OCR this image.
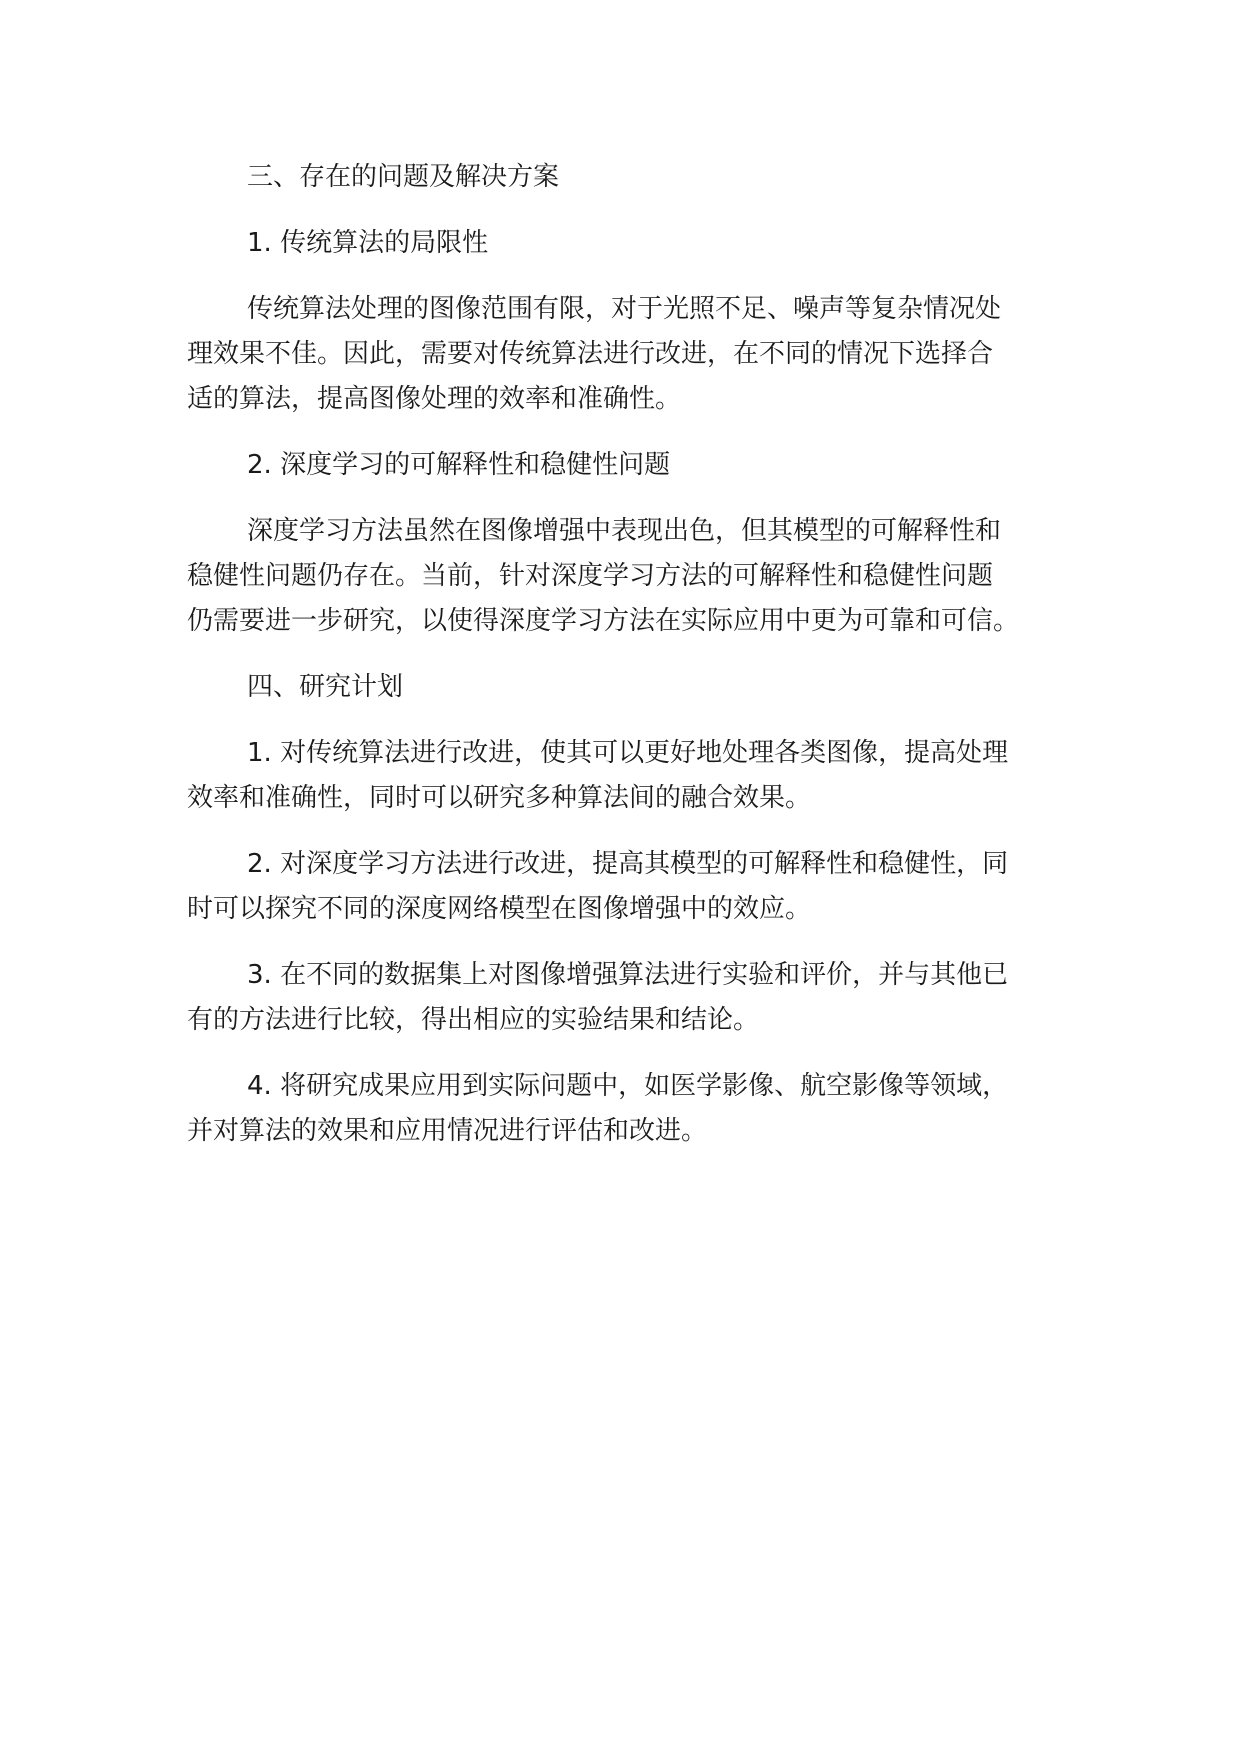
三、存在的问题及解决方案
1. 传统算法的局限性
传统算法处理的图像范围有限，对于光照不足、噪声等复杂情况处
理效果不佳。因此，需要对传统算法进行改进，在不同的情况下选择合
适的算法，提高图像处理的效率和准确性。
2. 深度学习的可解释性和稳健性问题
深度学习方法虽然在图像增强中表现出色，但其模型的可解释性和
稳健性问题仍存在。当前，针对深度学习方法的可解释性和稳健性问题
仍需要进一步研究，以使得深度学习方法在实际应用中更为可靠和可信。
四、研究计划
1. 对传统算法进行改进，使其可以更好地处理各类图像，提高处理
效率和准确性，同时可以研究多种算法间的融合效果。
2. 对深度学习方法进行改进，提高其模型的可解释性和稳健性，同
时可以探究不同的深度网络模型在图像增强中的效应。
3. 在不同的数据集上对图像增强算法进行实验和评价，并与其他已
有的方法进行比较，得出相应的实验结果和结论。
4. 将研究成果应用到实际问题中，如医学影像、航空影像等领域，
并对算法的效果和应用情况进行评估和改进。
